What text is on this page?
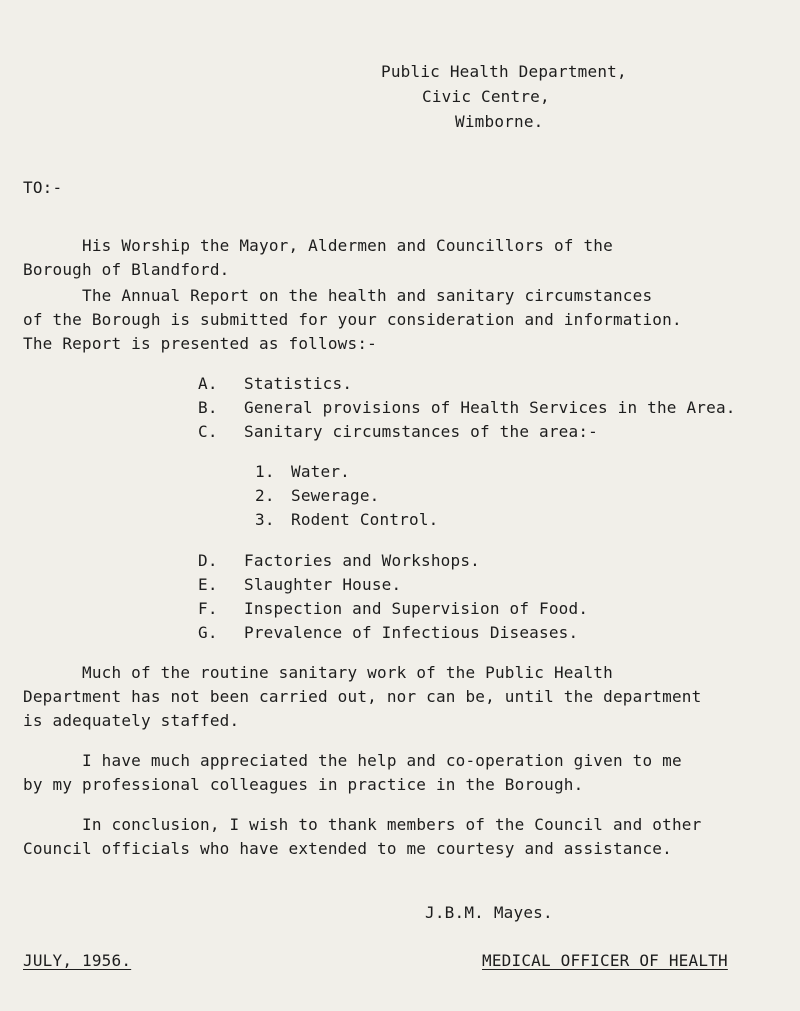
Public Health Department,
Civic Centre,
Wimborne.
TO:-
His Worship the Mayor, Aldermen and Councillors of the
Borough of Blandford.
The Annual Report on the health and sanitary circumstances
of the Borough is submitted for your consideration and information.
The Report is presented as follows:-
A. Statistics.
B. General provisions of Health Services in the Area.
C. Sanitary circumstances of the area:-
1. Water.
2. Sewerage.
3. Rodent Control.
D. Factories and Workshops.
E. Slaughter House.
F. Inspection and Supervision of Food.
G. Prevalence of Infectious Diseases.
Much of the routine sanitary work of the Public Health
Department has not been carried out, nor can be, until the department
is adequately staffed.
I have much appreciated the help and co-operation given to me
by my professional colleagues in practice in the Borough.
In conclusion, I wish to thank members of the Council and other
Council officials who have extended to me courtesy and assistance.
J.B.M. Mayes.
JULY, 1956.	MEDICAL OFFICER OF HEALTH
